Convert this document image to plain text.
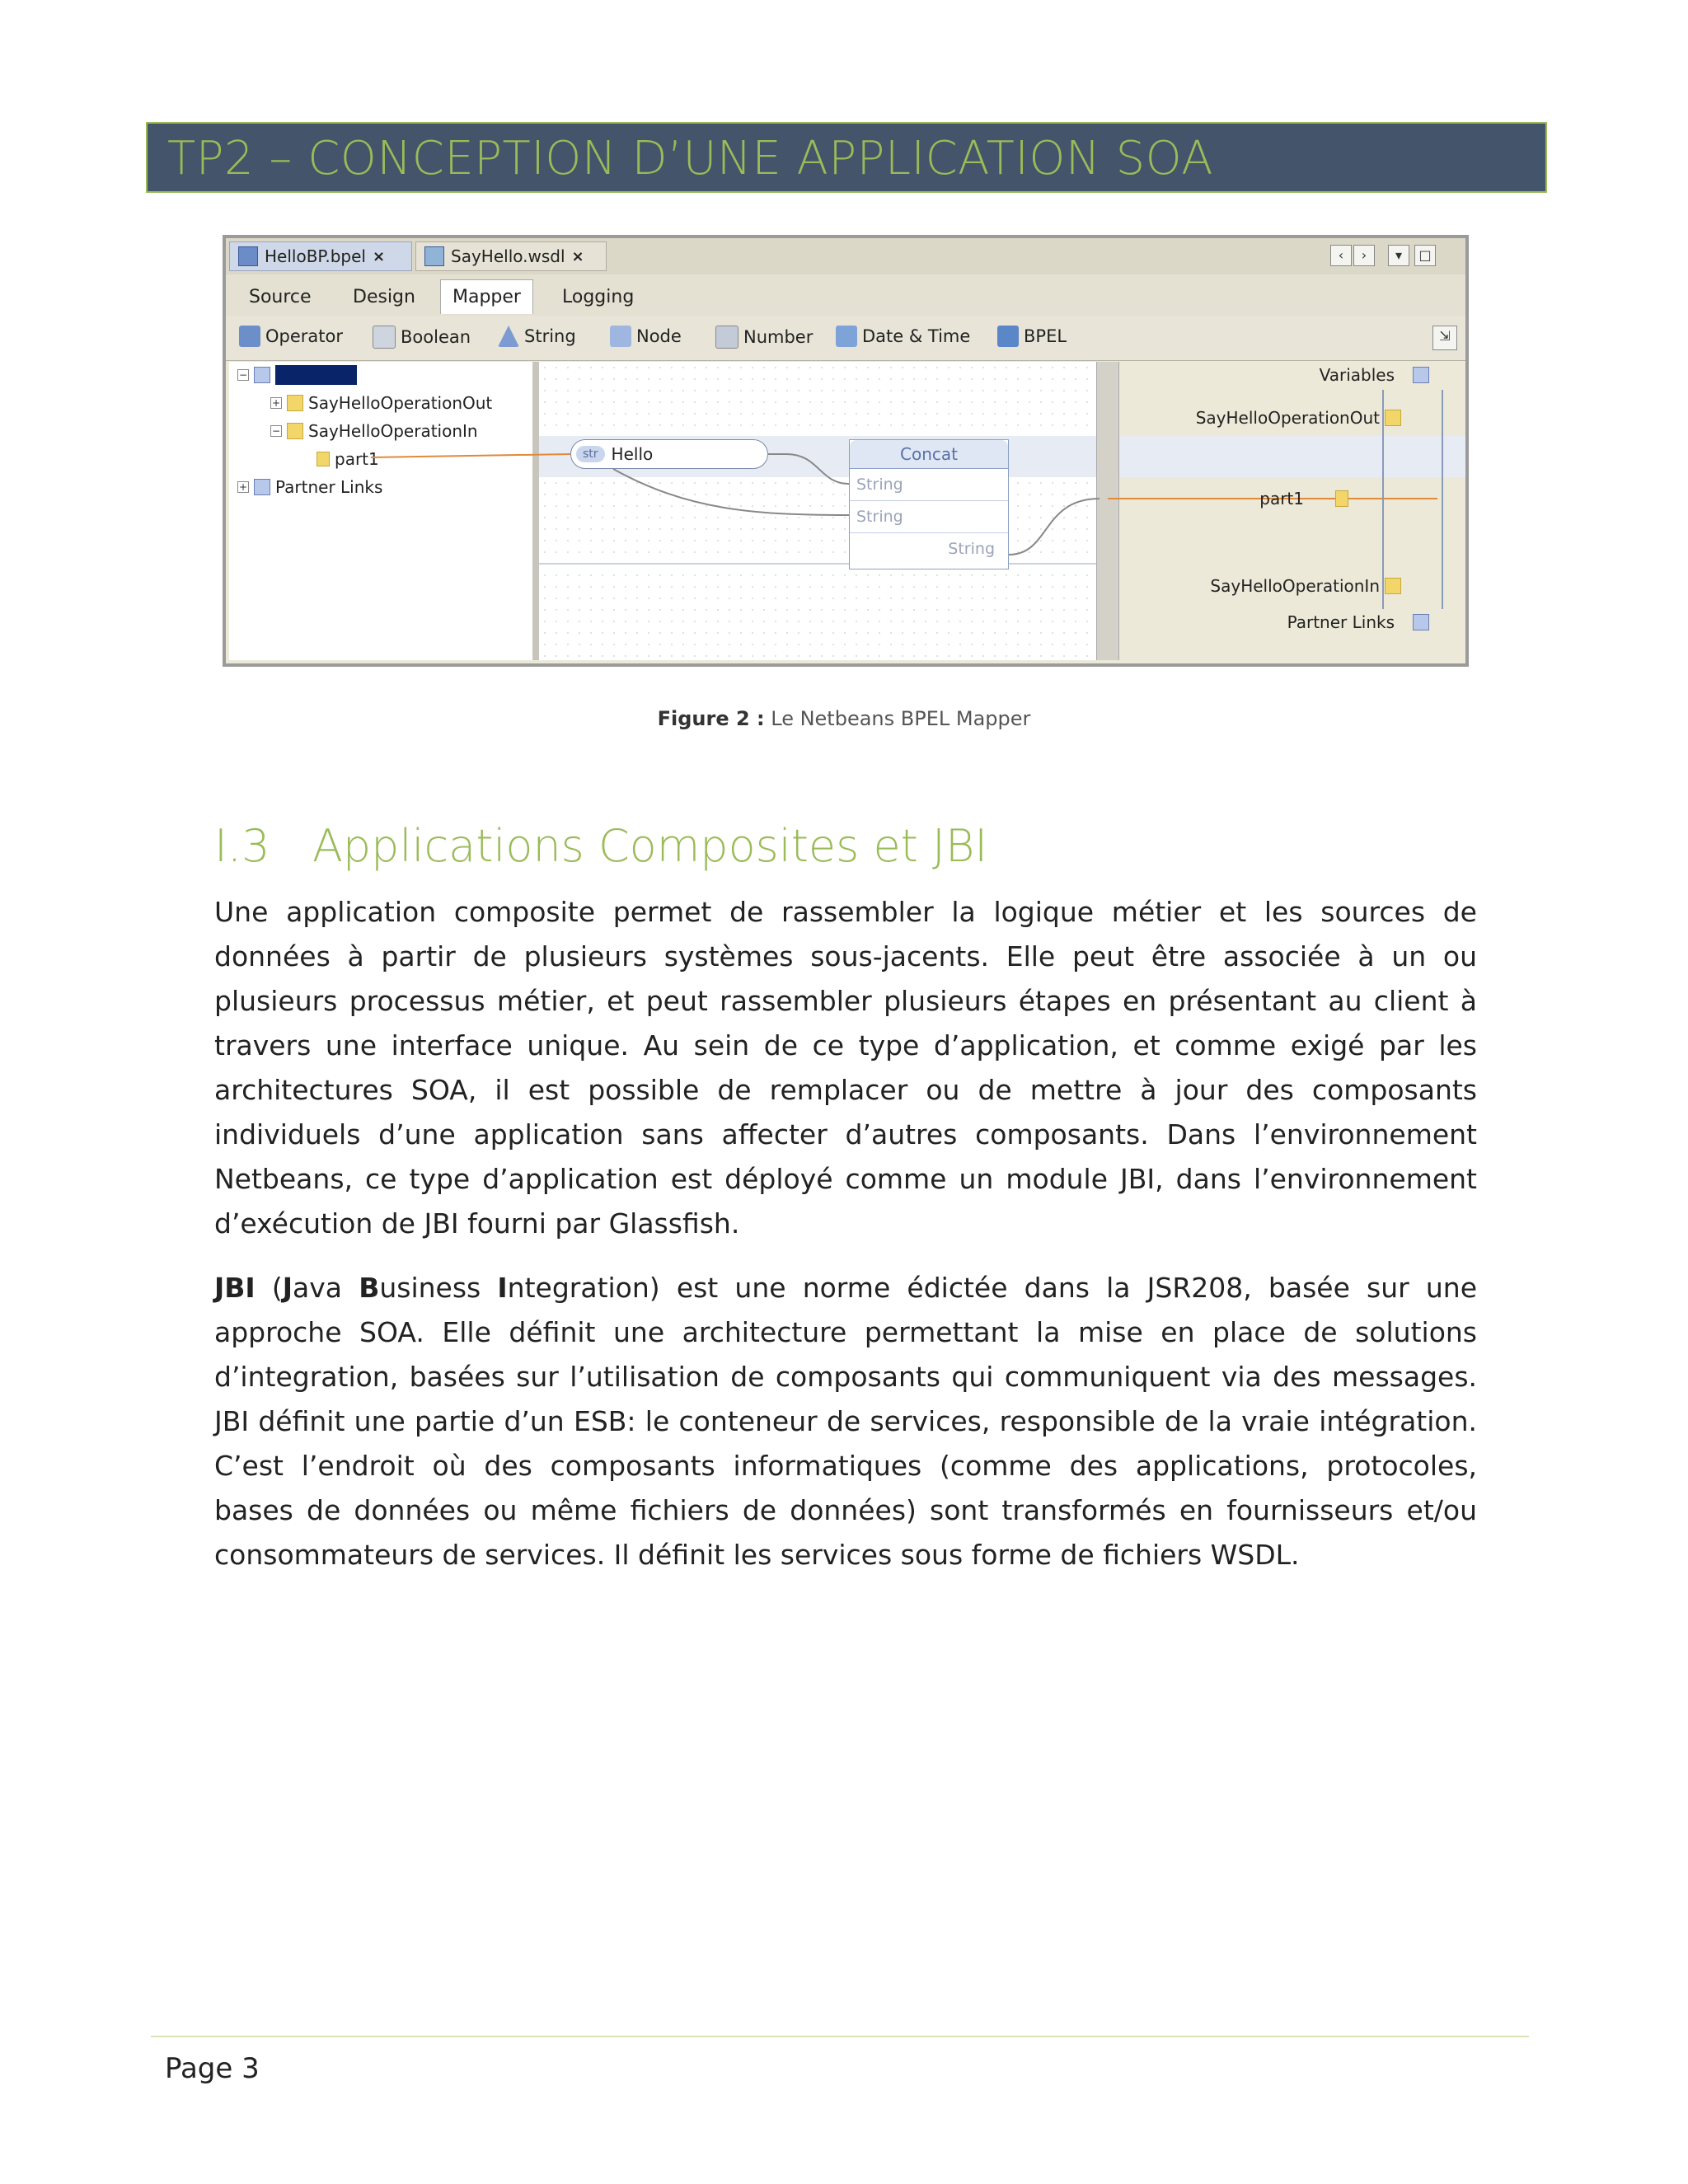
TP2 – CONCEPTION D’UNE APPLICATION SOA
HelloBP.bpel ×	SayHello.wsdl ×	‹	›	▾	□
Source	Design	Mapper	Logging
Operator	Boolean	String	Node	Number	Date & Time	BPEL	⇲
− Variables
+ SayHelloOperationOut
− SayHelloOperationIn
part1
+ Partner Links
str Hello	Concat
String
String
String
Variables
SayHelloOperationOut
part1
SayHelloOperationIn
Partner Links
Figure 2 : Le Netbeans BPEL Mapper
I.3   Applications Composites et JBI
Une application composite permet de rassembler la logique métier et les sources de données à partir de plusieurs systèmes sous-jacents. Elle peut être associée à un ou plusieurs processus métier, et peut rassembler plusieurs étapes en présentant au client à travers une interface unique. Au sein de ce type d’application, et comme exigé par les architectures SOA, il est possible de remplacer ou de mettre à jour des composants individuels d’une application sans affecter d’autres composants. Dans l’environnement Netbeans, ce type d’application est déployé comme un module JBI, dans l’environnement d’exécution de JBI fourni par Glassfish.
JBI (Java Business Integration) est une norme édictée dans la JSR208, basée sur une approche SOA. Elle définit une architecture permettant la mise en place de solutions d’integration, basées sur l’utilisation de composants qui communiquent via des messages. JBI définit une partie d’un ESB: le conteneur de services, responsible de la vraie intégration. C’est l’endroit où des composants informatiques (comme des applications, protocoles, bases de données ou même fichiers de données) sont transformés en fournisseurs et/ou consommateurs de services. Il définit les services sous forme de fichiers WSDL.
Page 3
